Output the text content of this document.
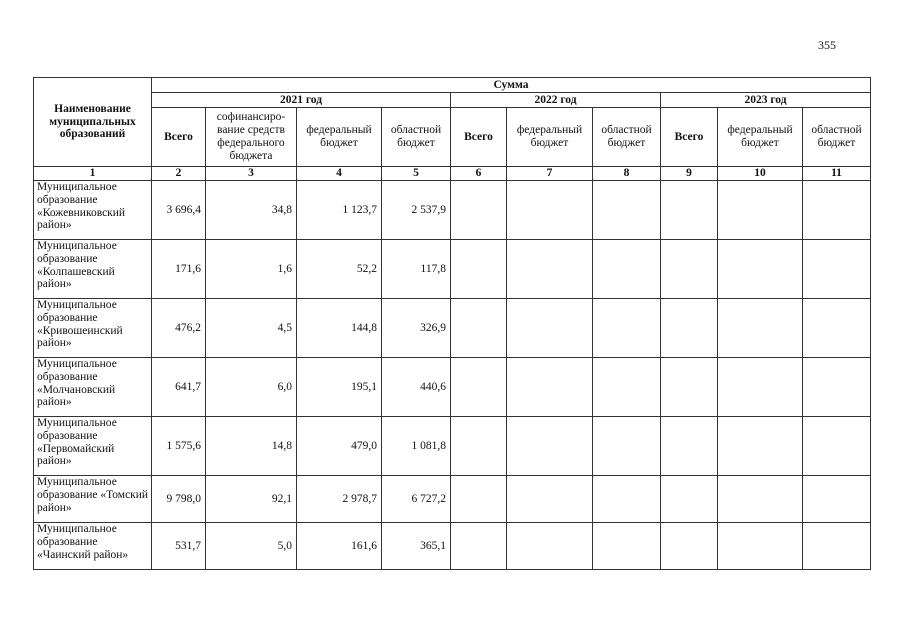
355
Наименование муниципальных образований	Сумма									
	2021 год				2022 год			2023 год		
	Всего	софинансиро-вание средств федерального бюджета	федеральный бюджет	областной бюджет	Всего	федеральный бюджет	областной бюджет	Всего	федеральный бюджет	областной бюджет
1	2	3	4	5	6	7	8	9	10	11
Муниципальное образование «Кожевниковский район»	3 696,4	34,8	1 123,7	2 537,9						
Муниципальное образование «Колпашевский район»	171,6	1,6	52,2	117,8						
Муниципальное образование «Кривошеинский район»	476,2	4,5	144,8	326,9						
Муниципальное образование «Молчановский район»	641,7	6,0	195,1	440,6						
Муниципальное образование «Первомайский район»	1 575,6	14,8	479,0	1 081,8						
Муниципальное образование «Томский район»	9 798,0	92,1	2 978,7	6 727,2						
Муниципальное образование «Чаинский район»	531,7	5,0	161,6	365,1						
